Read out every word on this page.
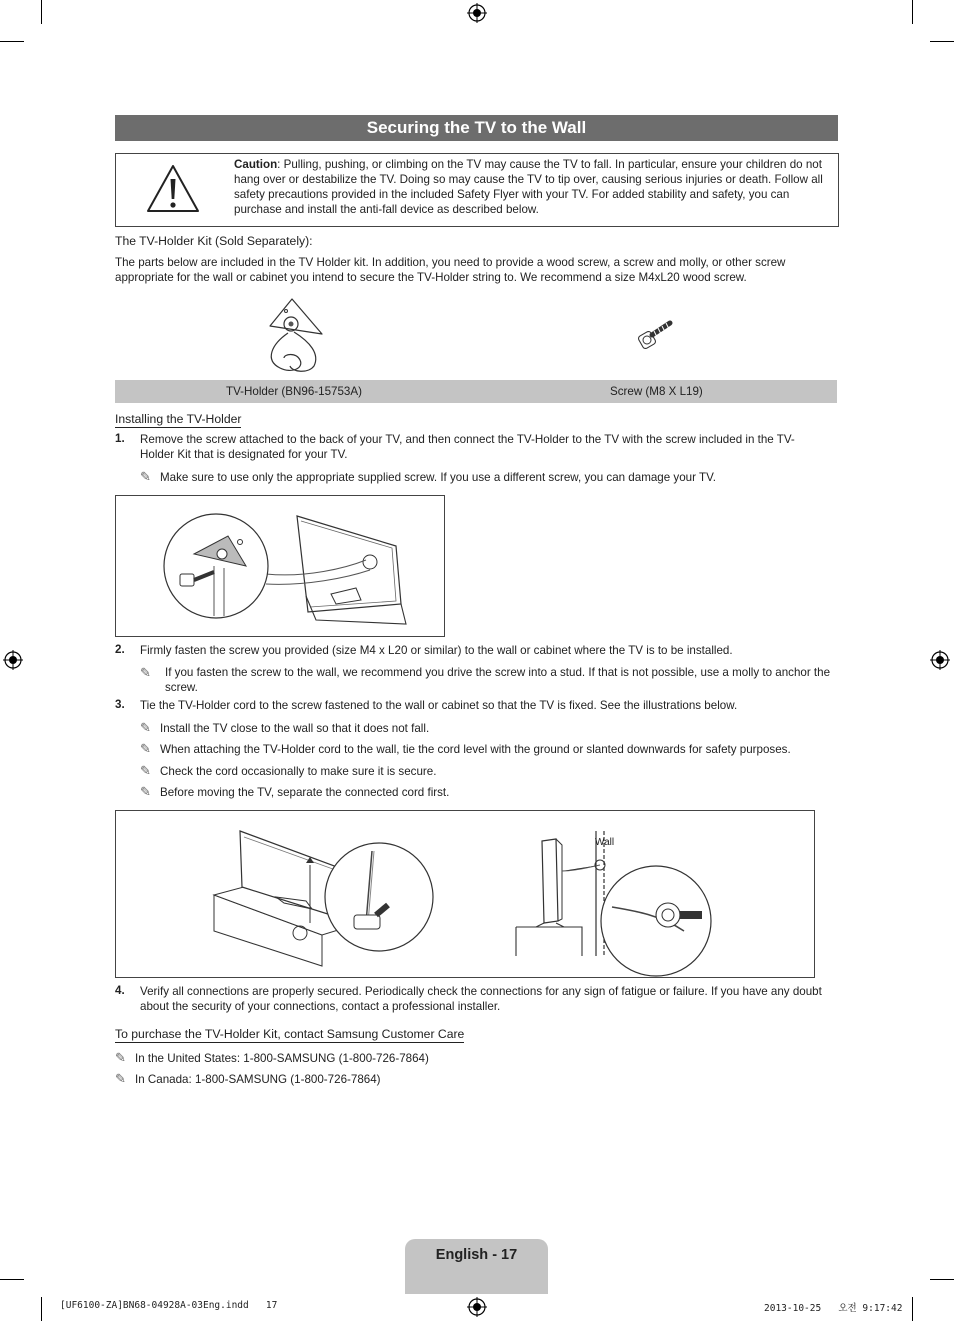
Securing the TV to the Wall
Caution: Pulling, pushing, or climbing on the TV may cause the TV to fall. In particular, ensure your children do not hang over or destabilize the TV. Doing so may cause the TV to tip over, causing serious injuries or death. Follow all safety precautions provided in the included Safety Flyer with your TV. For added stability and safety, you can purchase and install the anti-fall device as described below.
The TV-Holder Kit (Sold Separately):
The parts below are included in the TV Holder kit. In addition, you need to provide a wood screw, a screw and molly, or other screw appropriate for the wall or cabinet you intend to secure the TV-Holder string to. We recommend a size M4xL20 wood screw.
TV-Holder (BN96-15753A)	Screw (M8 X L19)
Installing the TV-Holder
1. Remove the screw attached to the back of your TV, and then connect the TV-Holder to the TV with the screw included in the TV-Holder Kit that is designated for your TV.
✎ Make sure to use only the appropriate supplied screw. If you use a different screw, you can damage your TV.
2. Firmly fasten the screw you provided (size M4 x L20 or similar) to the wall or cabinet where the TV is to be installed.
✎	If you fasten the screw to the wall, we recommend you drive the screw into a stud. If that is not possible, use a molly to anchor the screw.
3. Tie the TV-Holder cord to the screw fastened to the wall or cabinet so that the TV is fixed. See the illustrations below.
✎ Install the TV close to the wall so that it does not fall.
✎ When attaching the TV-Holder cord to the wall, tie the cord level with the ground or slanted downwards for safety purposes.
✎ Check the cord occasionally to make sure it is secure.
✎ Before moving the TV, separate the connected cord first.
Wall
4. Verify all connections are properly secured. Periodically check the connections for any sign of fatigue or failure. If you have any doubt about the security of your connections, contact a professional installer.
To purchase the TV-Holder Kit, contact Samsung Customer Care
✎ In the United States: 1-800-SAMSUNG (1-800-726-7864)
✎ In Canada: 1-800-SAMSUNG (1-800-726-7864)
English - 17
[UF6100-ZA]BN68-04928A-03Eng.indd   17	2013-10-25   오전 9:17:42
